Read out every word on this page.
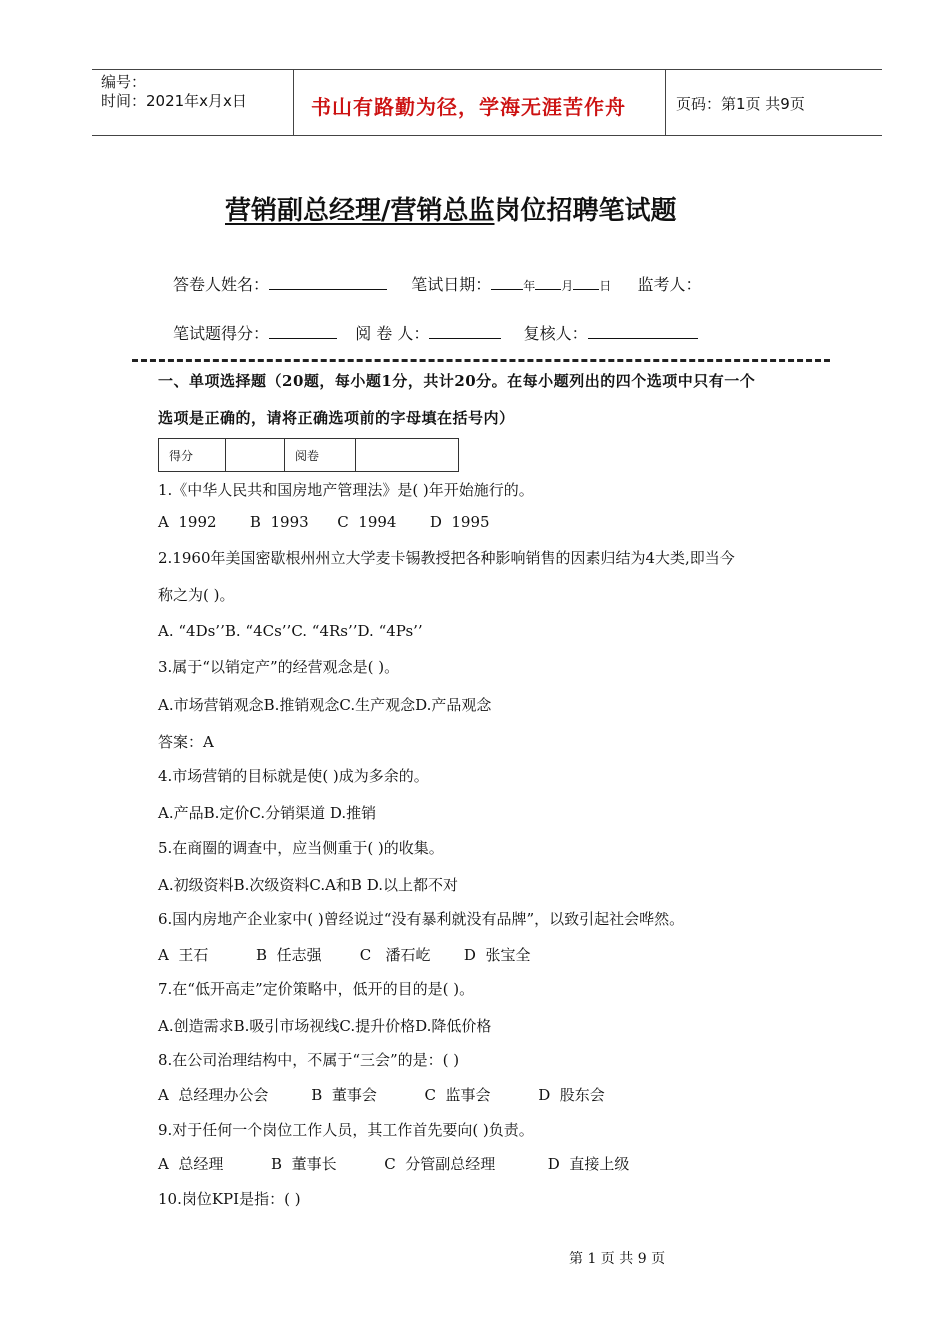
编号：
时间：2021年x月x日	书山有路勤为径，学海无涯苦作舟	页码：第1页 共9页
营销副总经理/营销总监岗位招聘笔试题
答卷人姓名：	笔试日期：	年 月 日 监考人：
笔试题得分：	阅 卷 人：	复核人：
一、单项选择题（20题，每小题1分，共计20分。在每小题列出的四个选项中只有一个
选项是正确的，请将正确选项前的字母填在括号内）
得分		阅卷	
1.《中华人民共和国房地产管理法》是( )年开始施行的。
A  1992       B  1993      C  1994       D  1995
2.1960年美国密歇根州州立大学麦卡锡教授把各种影响销售的因素归结为4大类,即当今
称之为( )。
A. “4Ds’’B. “4Cs’’C. “4Rs’’D. “4Ps’’
3.属于“以销定产”的经营观念是( )。
A.市场营销观念B.推销观念C.生产观念D.产品观念
答案：A
4.市场营销的目标就是使( )成为多余的。
A.产品B.定价C.分销渠道 D.推销
5.在商圈的调查中，应当侧重于( )的收集。
A.初级资料B.次级资料C.A和B D.以上都不对
6.国内房地产企业家中( )曾经说过“没有暴利就没有品牌”，以致引起社会哗然。
A  王石          B  任志强        C   潘石屹       D  张宝全
7.在“低开高走”定价策略中，低开的目的是( )。
A.创造需求B.吸引市场视线C.提升价格D.降低价格
8.在公司治理结构中，不属于“三会”的是：( )
A  总经理办公会         B  董事会          C  监事会          D  股东会
9.对于任何一个岗位工作人员，其工作首先要向( )负责。
A  总经理          B  董事长          C  分管副总经理           D  直接上级
10.岗位KPI是指：( )
第 1 页 共 9 页
